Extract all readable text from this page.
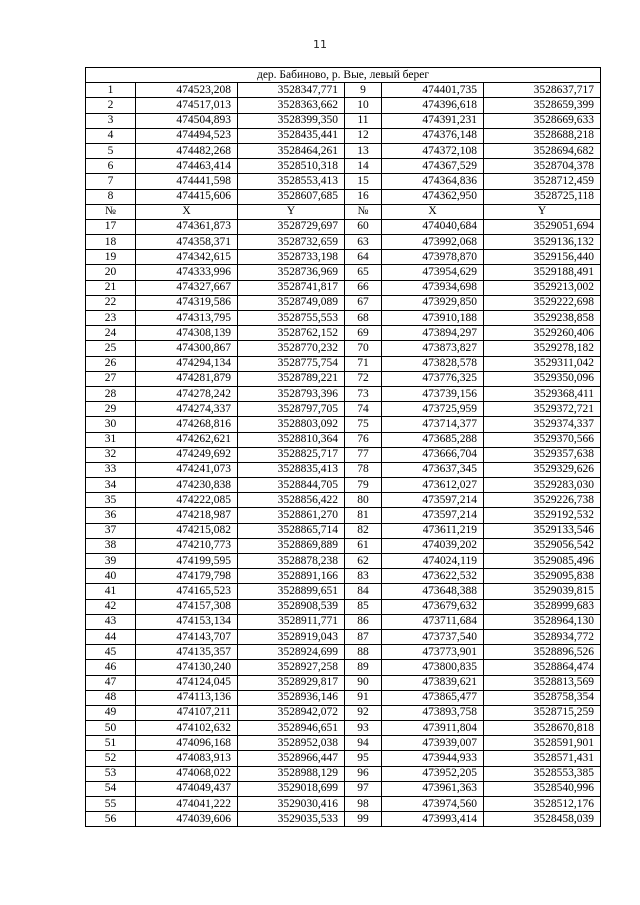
11
дер. Бабиново, р. Вые, левый берег					
1	474523,208	3528347,771	9	474401,735	3528637,717
2	474517,013	3528363,662	10	474396,618	3528659,399
3	474504,893	3528399,350	11	474391,231	3528669,633
4	474494,523	3528435,441	12	474376,148	3528688,218
5	474482,268	3528464,261	13	474372,108	3528694,682
6	474463,414	3528510,318	14	474367,529	3528704,378
7	474441,598	3528553,413	15	474364,836	3528712,459
8	474415,606	3528607,685	16	474362,950	3528725,118
№	X	Y	№	X	Y
17	474361,873	3528729,697	60	474040,684	3529051,694
18	474358,371	3528732,659	63	473992,068	3529136,132
19	474342,615	3528733,198	64	473978,870	3529156,440
20	474333,996	3528736,969	65	473954,629	3529188,491
21	474327,667	3528741,817	66	473934,698	3529213,002
22	474319,586	3528749,089	67	473929,850	3529222,698
23	474313,795	3528755,553	68	473910,188	3529238,858
24	474308,139	3528762,152	69	473894,297	3529260,406
25	474300,867	3528770,232	70	473873,827	3529278,182
26	474294,134	3528775,754	71	473828,578	3529311,042
27	474281,879	3528789,221	72	473776,325	3529350,096
28	474278,242	3528793,396	73	473739,156	3529368,411
29	474274,337	3528797,705	74	473725,959	3529372,721
30	474268,816	3528803,092	75	473714,377	3529374,337
31	474262,621	3528810,364	76	473685,288	3529370,566
32	474249,692	3528825,717	77	473666,704	3529357,638
33	474241,073	3528835,413	78	473637,345	3529329,626
34	474230,838	3528844,705	79	473612,027	3529283,030
35	474222,085	3528856,422	80	473597,214	3529226,738
36	474218,987	3528861,270	81	473597,214	3529192,532
37	474215,082	3528865,714	82	473611,219	3529133,546
38	474210,773	3528869,889	61	474039,202	3529056,542
39	474199,595	3528878,238	62	474024,119	3529085,496
40	474179,798	3528891,166	83	473622,532	3529095,838
41	474165,523	3528899,651	84	473648,388	3529039,815
42	474157,308	3528908,539	85	473679,632	3528999,683
43	474153,134	3528911,771	86	473711,684	3528964,130
44	474143,707	3528919,043	87	473737,540	3528934,772
45	474135,357	3528924,699	88	473773,901	3528896,526
46	474130,240	3528927,258	89	473800,835	3528864,474
47	474124,045	3528929,817	90	473839,621	3528813,569
48	474113,136	3528936,146	91	473865,477	3528758,354
49	474107,211	3528942,072	92	473893,758	3528715,259
50	474102,632	3528946,651	93	473911,804	3528670,818
51	474096,168	3528952,038	94	473939,007	3528591,901
52	474083,913	3528966,447	95	473944,933	3528571,431
53	474068,022	3528988,129	96	473952,205	3528553,385
54	474049,437	3529018,699	97	473961,363	3528540,996
55	474041,222	3529030,416	98	473974,560	3528512,176
56	474039,606	3529035,533	99	473993,414	3528458,039
